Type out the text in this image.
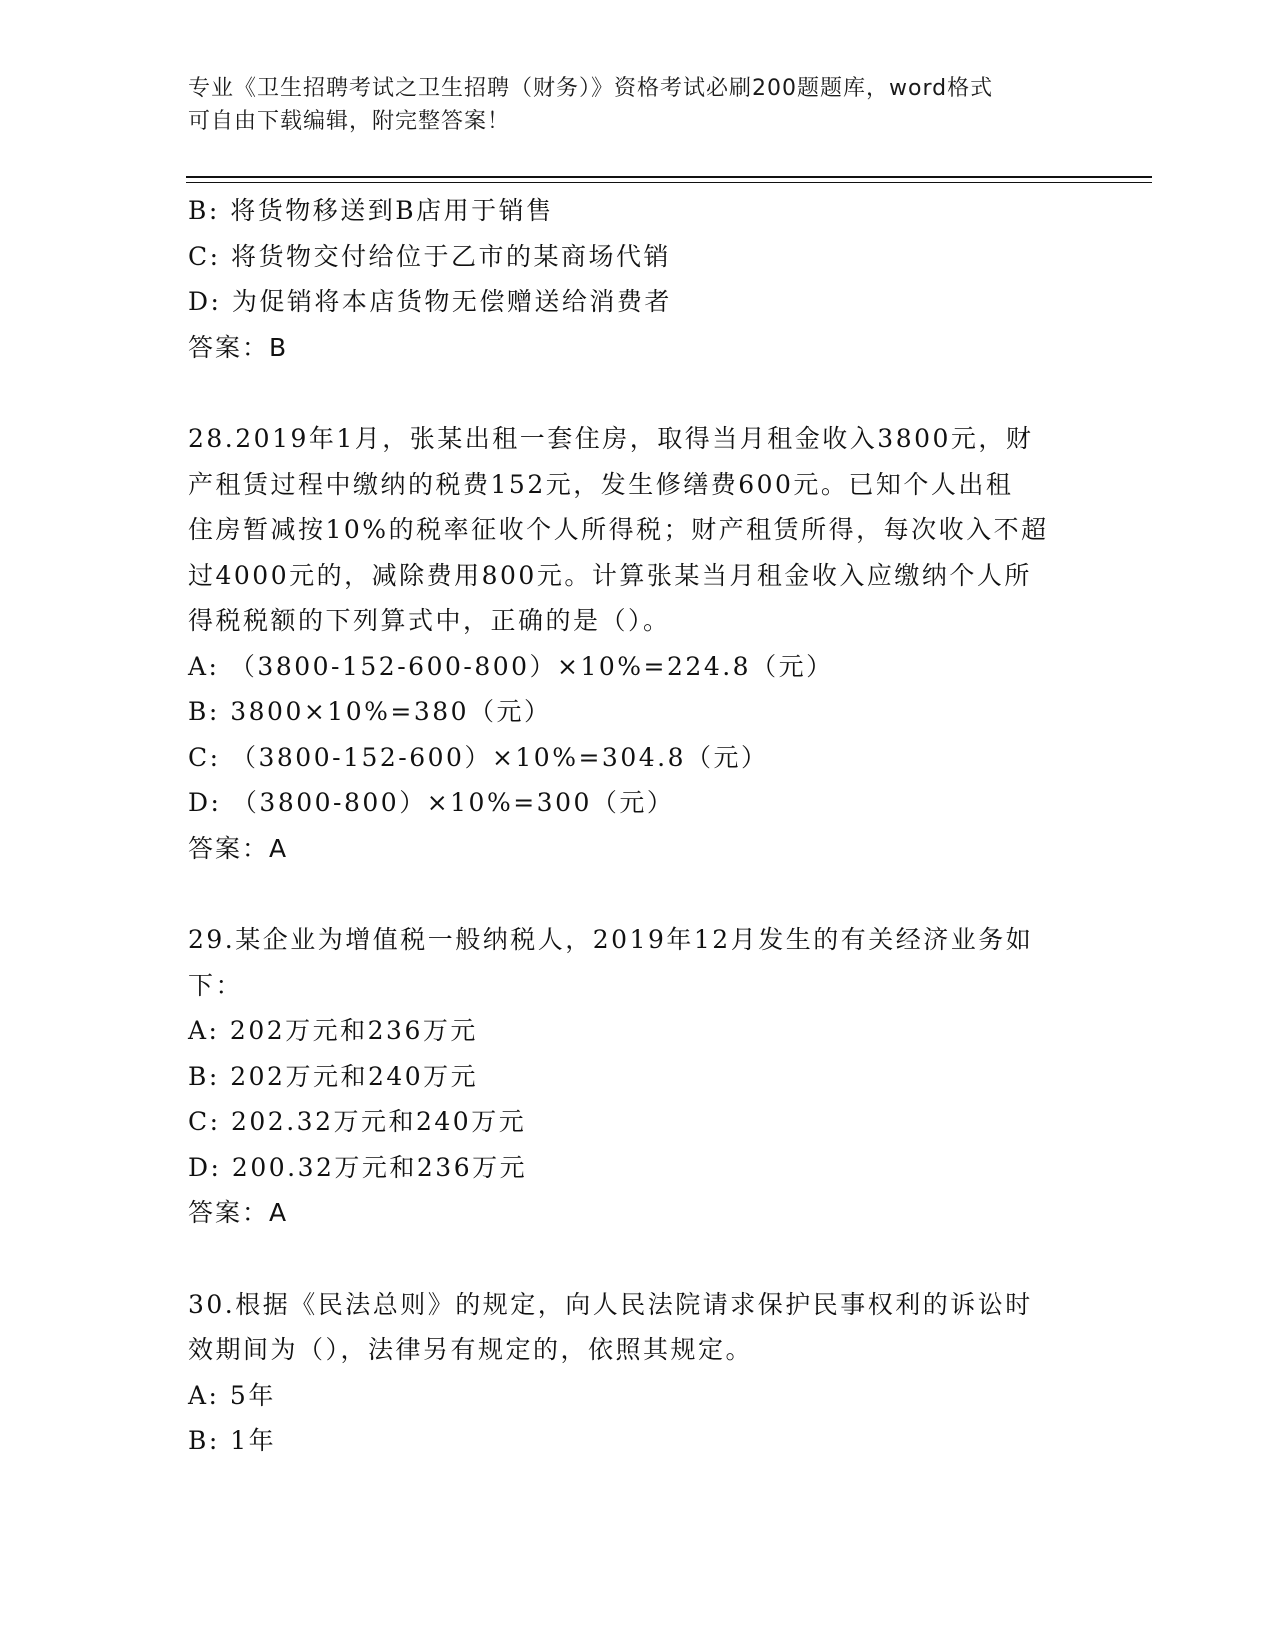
专业《卫生招聘考试之卫生招聘（财务）》资格考试必刷200题题库，word格式
可自由下载编辑，附完整答案！
B: 将货物移送到B店用于销售
C: 将货物交付给位于乙市的某商场代销
D: 为促销将本店货物无偿赠送给消费者
答案：B
28.2019年1月，张某出租一套住房，取得当月租金收入3800元，财
产租赁过程中缴纳的税费152元，发生修缮费600元。已知个人出租
住房暂减按10%的税率征收个人所得税；财产租赁所得，每次收入不超
过4000元的，减除费用800元。计算张某当月租金收入应缴纳个人所
得税税额的下列算式中，正确的是（）。
A: （3800-152-600-800）×10%=224.8（元）
B: 3800×10%=380（元）
C: （3800-152-600）×10%=304.8（元）
D: （3800-800）×10%=300（元）
答案：A
29.某企业为增值税一般纳税人，2019年12月发生的有关经济业务如
下：
A: 202万元和236万元
B: 202万元和240万元
C: 202.32万元和240万元
D: 200.32万元和236万元
答案：A
30.根据《民法总则》的规定，向人民法院请求保护民事权利的诉讼时
效期间为（），法律另有规定的，依照其规定。
A: 5年
B: 1年
